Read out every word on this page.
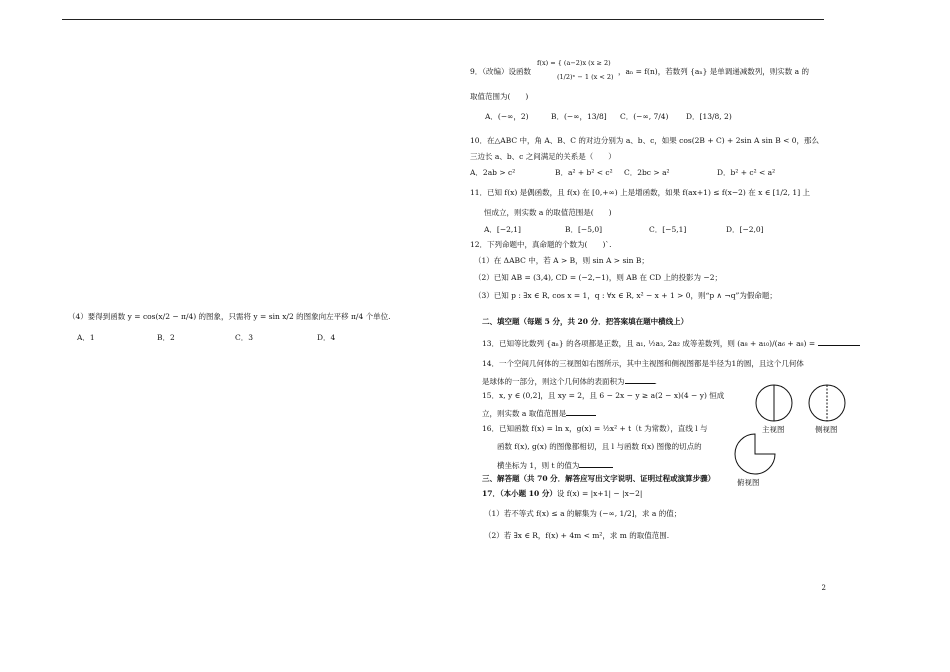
（4）要得到函数 y = cos(x/2 − π/4) 的图象，只需将 y = sin x/2 的图象向左平移 π/4 个单位.
A．1	B．2	C．3	D．4
9．（改编）设函数
f(x) = { (a−2)x (x ≥ 2)
(1/2)ˣ − 1 (x < 2)
，aₙ = f(n)，若数列 {aₙ} 是单调递减数列，则实数 a 的
取值范围为(　　)
A．(−∞，2)	B．(−∞，13/8] C．(−∞, 7/4) D．[13/8, 2)
10．在△ABC 中，角 A、B、C 的对边分别为 a、b、c，如果 cos(2B + C) + 2sin A sin B < 0，那么
三边长 a、b、c 之间满足的关系是（　　）
A．2ab > c²	B．a² + b² < c² C．2bc > a²	D．b² + c² < a²
11．已知 f(x) 是偶函数，且 f(x) 在 [0,+∞) 上是增函数，如果 f(ax+1) ≤ f(x−2) 在 x ∈ [1/2, 1] 上
恒成立，则实数 a 的取值范围是(　　)
A．[−2,1]	B．[−5,0]	C．[−5,1]	D．[−2,0]
12．下列命题中，真命题的个数为(　　)`.
（1）在 ΔABC 中，若 A > B，则 sin A > sin B；
（2）已知 AB = (3,4), CD = (−2,−1)，则 AB 在 CD 上的投影为 −2；
（3）已知 p : ∃x ∈ R, cos x = 1，q : ∀x ∈ R, x² − x + 1 > 0，则“p ∧ ¬q”为假命题；
二、填空题（每题 5 分，共 20 分．把答案填在题中横线上）
13．已知等比数列 {aₙ} 的各项都是正数，且 a₁, ½a₃, 2a₂ 成等差数列，则 (a₈ + a₁₀)/(a₆ + a₈) =
14．一个空间几何体的三视图如右图所示，其中主视图和侧视图都是半径为1的圆，且这个几何体
是球体的一部分，则这个几何体的表面积为	.
15．x, y ∈ (0,2]，且 xy = 2，且 6 − 2x − y ≥ a(2 − x)(4 − y) 恒成
立，则实数 a 取值范围是
16．已知函数 f(x) = ln x，g(x) = ½x² + t（t 为常数），直线 l 与
函数 f(x), g(x) 的图像都相切，且 l 与函数 f(x) 图像的切点的
横坐标为 1，则 t 的值为
三、解答题（共 70 分．解答应写出文字说明、证明过程或演算步骤）
17．（本小题 10 分）设 f(x) = |x+1| − |x−2|
（1）若不等式 f(x) ≤ a 的解集为 (−∞, 1/2]，求 a 的值；
（2）若 ∃x ∈ R，f(x) + 4m < m²，求 m 的取值范围.
主视图	侧视图
俯视图
2
